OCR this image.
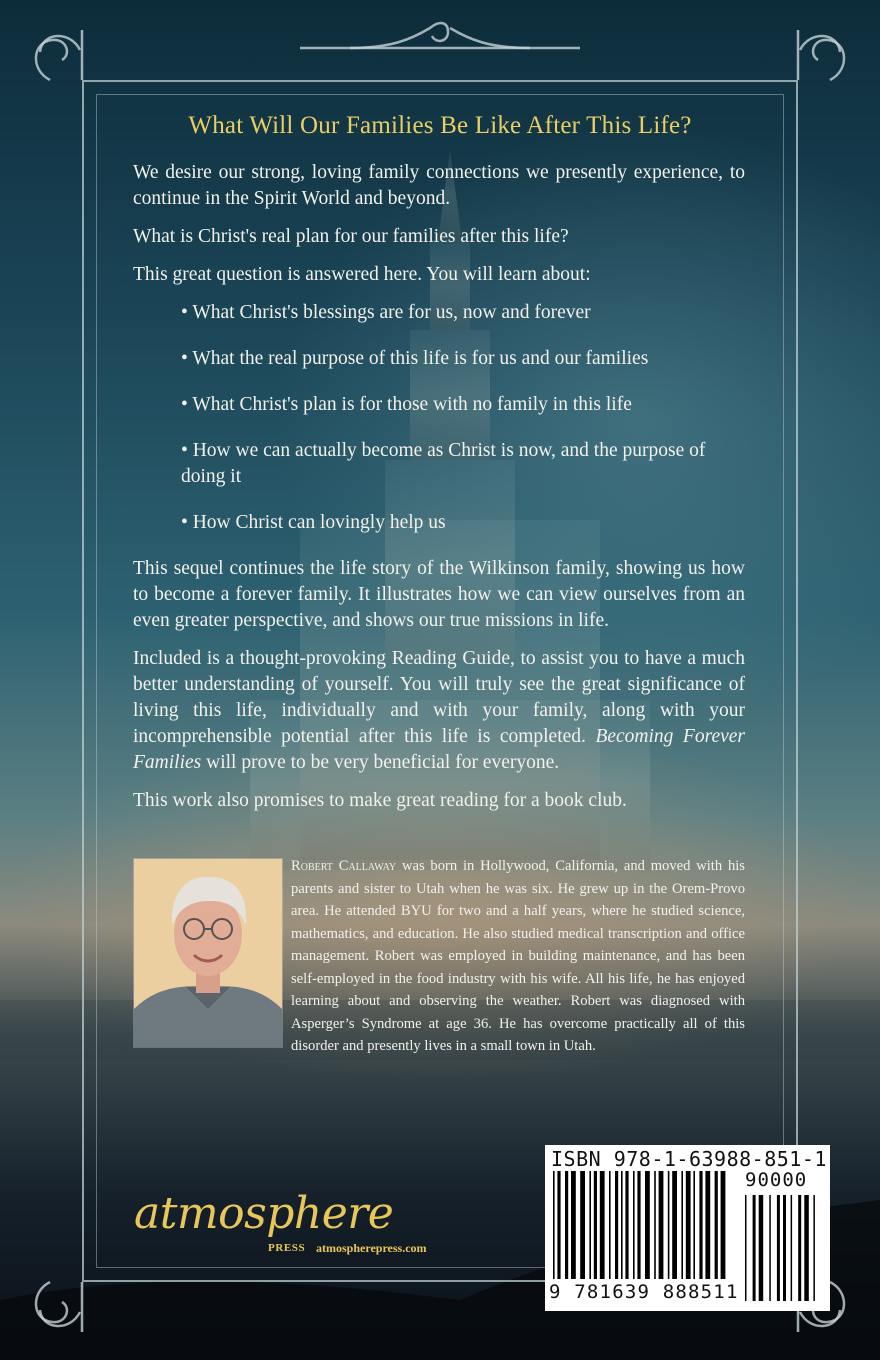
What Will Our Families Be Like After This Life?

We desire our strong, loving family connections we presently experience, to continue in the Spirit World and beyond.

What is Christ's real plan for our families after this life?

This great question is answered here. You will learn about:

• What Christ's blessings are for us, now and forever
• What the real purpose of this life is for us and our families
• What Christ's plan is for those with no family in this life
• How we can actually become as Christ is now, and the purpose of doing it
• How Christ can lovingly help us

This sequel continues the life story of the Wilkinson family, showing us how to become a forever family. It illustrates how we can view ourselves from an even greater perspective, and shows our true missions in life.

Included is a thought-provoking Reading Guide, to assist you to have a much better understanding of yourself. You will truly see the great significance of living this life, individually and with your family, along with your incomprehensible potential after this life is completed. Becoming Forever Families will prove to be very beneficial for everyone.

This work also promises to make great reading for a book club.

Robert Callaway was born in Hollywood, California, and moved with his parents and sister to Utah when he was six. He grew up in the Orem-Provo area. He attended BYU for two and a half years, where he studied science, mathematics, and education. He also studied medical transcription and office management. Robert was employed in building maintenance, and has been self-employed in the food industry with his wife. All his life, he has enjoyed learning about and observing the weather. Robert was diagnosed with Asperger’s Syndrome at age 36. He has overcome practically all of this disorder and presently lives in a small town in Utah.
atmosphere
PRESS atmospherepress.com
ISBN 978-1-63988-851-1
90000
9 781639 888511
